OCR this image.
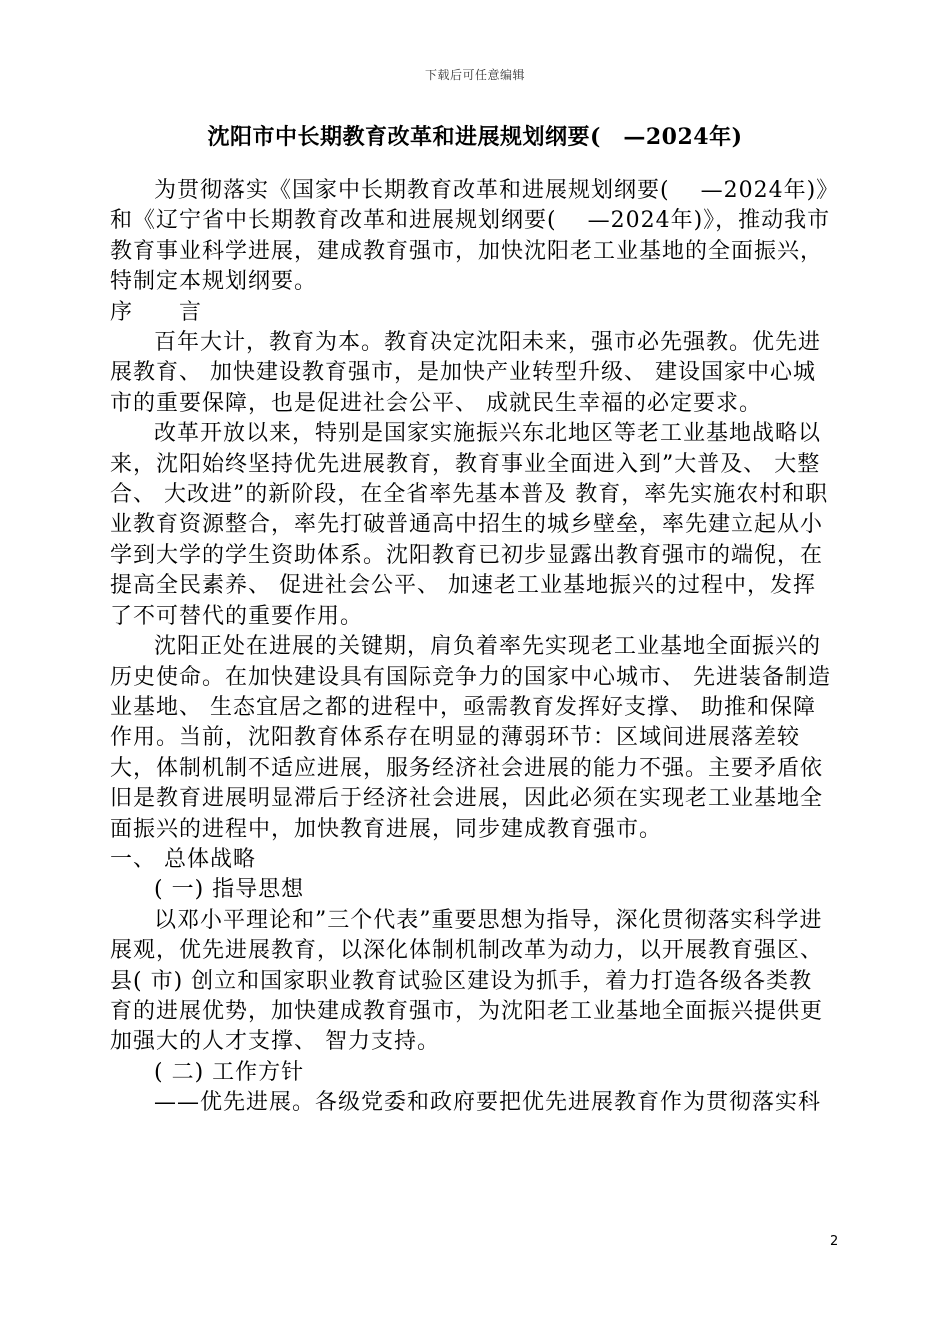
下载后可任意编辑
沈阳市中长期教育改革和进展规划纲要(　—2024年)

为贯彻落实《国家中长期教育改革和进展规划纲要(　 —2024年)》和《辽宁省中长期教育改革和进展规划纲要(　 —2024年)》，推动我市教育事业科学进展，建成教育强市，加快沈阳老工业基地的全面振兴，特制定本规划纲要。

序　　言

百年大计，教育为本。教育决定沈阳未来，强市必先强教。优先进展教育、 加快建设教育强市，是加快产业转型升级、 建设国家中心城市的重要保障，也是促进社会公平、 成就民生幸福的必定要求。

改革开放以来，特别是国家实施振兴东北地区等老工业基地战略以来，沈阳始终坚持优先进展教育，教育事业全面进入到”大普及、 大整合、 大改进”的新阶段，在全省率先基本普及 教育，率先实施农村和职业教育资源整合，率先打破普通高中招生的城乡壁垒，率先建立起从小学到大学的学生资助体系。沈阳教育已初步显露出教育强市的端倪，在提高全民素养、 促进社会公平、 加速老工业基地振兴的过程中，发挥了不可替代的重要作用。

沈阳正处在进展的关键期，肩负着率先实现老工业基地全面振兴的历史使命。在加快建设具有国际竞争力的国家中心城市、 先进装备制造业基地、 生态宜居之都的进程中，亟需教育发挥好支撑、 助推和保障作用。当前，沈阳教育体系存在明显的薄弱环节：区域间进展落差较大，体制机制不适应进展，服务经济社会进展的能力不强。主要矛盾依旧是教育进展明显滞后于经济社会进展，因此必须在实现老工业基地全面振兴的进程中，加快教育进展，同步建成教育强市。

一、 总体战略

( 一) 指导思想

以邓小平理论和”三个代表”重要思想为指导，深化贯彻落实科学进展观，优先进展教育，以深化体制机制改革为动力，以开展教育强区、 县( 市) 创立和国家职业教育试验区建设为抓手，着力打造各级各类教育的进展优势，加快建成教育强市，为沈阳老工业基地全面振兴提供更加强大的人才支撑、 智力支持。

( 二) 工作方针

——优先进展。各级党委和政府要把优先进展教育作为贯彻落实科

2
